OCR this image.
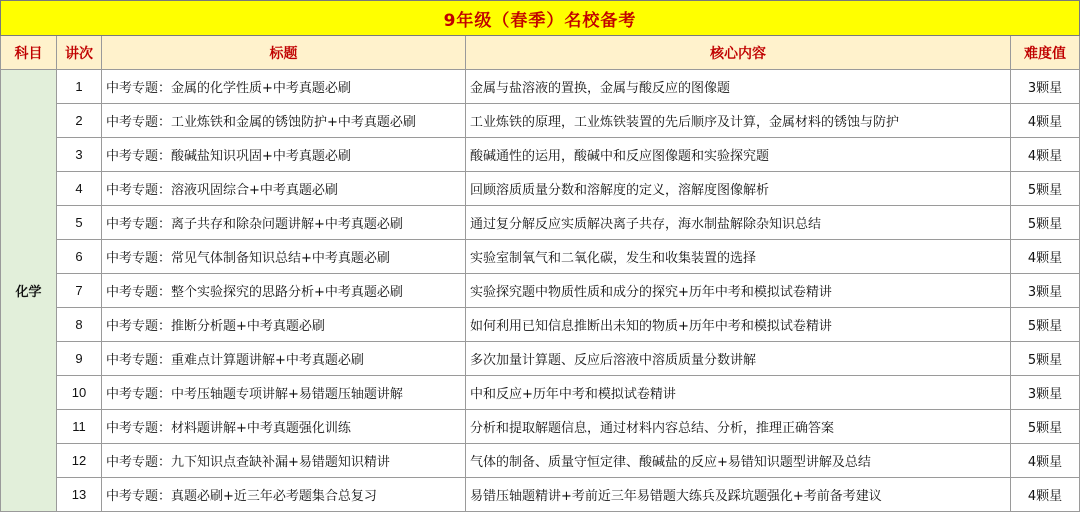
9年级（春季）名校备考				
科目	讲次	标题	核心内容	难度值
化学	1	中考专题：金属的化学性质+中考真题必刷	金属与盐溶液的置换，金属与酸反应的图像题	3颗星
	2	中考专题：工业炼铁和金属的锈蚀防护+中考真题必刷	工业炼铁的原理，工业炼铁装置的先后顺序及计算，金属材料的锈蚀与防护	4颗星
	3	中考专题：酸碱盐知识巩固+中考真题必刷	酸碱通性的运用，酸碱中和反应图像题和实验探究题	4颗星
	4	中考专题：溶液巩固综合+中考真题必刷	回顾溶质质量分数和溶解度的定义，溶解度图像解析	5颗星
	5	中考专题：离子共存和除杂问题讲解+中考真题必刷	通过复分解反应实质解决离子共存，海水制盐解除杂知识总结	5颗星
	6	中考专题：常见气体制备知识总结+中考真题必刷	实验室制氧气和二氧化碳，发生和收集装置的选择	4颗星
	7	中考专题：整个实验探究的思路分析+中考真题必刷	实验探究题中物质性质和成分的探究+历年中考和模拟试卷精讲	3颗星
	8	中考专题：推断分析题+中考真题必刷	如何利用已知信息推断出未知的物质+历年中考和模拟试卷精讲	5颗星
	9	中考专题：重难点计算题讲解+中考真题必刷	多次加量计算题、反应后溶液中溶质质量分数讲解	5颗星
	10	中考专题：中考压轴题专项讲解+易错题压轴题讲解	中和反应+历年中考和模拟试卷精讲	3颗星
	11	中考专题：材料题讲解+中考真题强化训练	分析和提取解题信息，通过材料内容总结、分析，推理正确答案	5颗星
	12	中考专题：九下知识点查缺补漏+易错题知识精讲	气体的制备、质量守恒定律、酸碱盐的反应+易错知识题型讲解及总结	4颗星
	13	中考专题：真题必刷+近三年必考题集合总复习	易错压轴题精讲+考前近三年易错题大练兵及踩坑题强化+考前备考建议	4颗星
